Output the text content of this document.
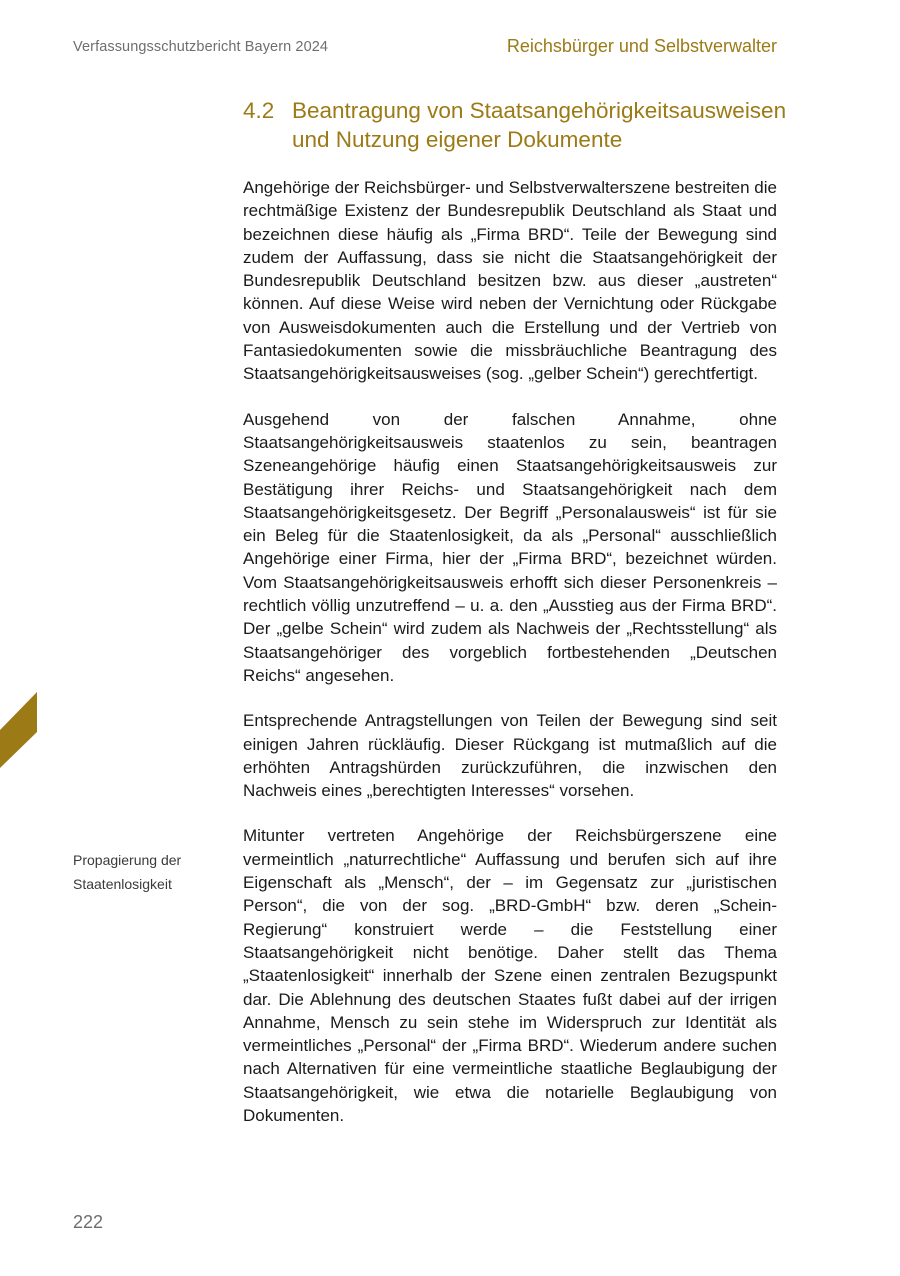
Verfassungsschutzbericht Bayern 2024	Reichsbürger und Selbstverwalter
4.2 Beantragung von Staatsangehörigkeitsausweisen und Nutzung eigener Dokumente

Angehörige der Reichsbürger- und Selbstverwalterszene bestreiten die rechtmäßige Existenz der Bundesrepublik Deutschland als Staat und bezeichnen diese häufig als „Firma BRD“. Teile der Bewegung sind zudem der Auffassung, dass sie nicht die Staatsangehörigkeit der Bundesrepublik Deutschland besitzen bzw. aus dieser „austreten“ können. Auf diese Weise wird neben der Vernichtung oder Rückgabe von Ausweisdokumenten auch die Erstellung und der Vertrieb von Fantasiedokumenten sowie die missbräuchliche Beantragung des Staatsangehörigkeitsausweises (sog. „gelber Schein“) gerechtfertigt.

Ausgehend von der falschen Annahme, ohne Staatsangehörigkeitsausweis staatenlos zu sein, beantragen Szeneangehörige häufig einen Staatsangehörigkeitsausweis zur Bestätigung ihrer Reichs- und Staatsangehörigkeit nach dem Staatsangehörigkeitsgesetz. Der Begriff „Personalausweis“ ist für sie ein Beleg für die Staatenlosigkeit, da als „Personal“ ausschließlich Angehörige einer Firma, hier der „Firma BRD“, bezeichnet würden. Vom Staatsangehörigkeitsausweis erhofft sich dieser Personenkreis – rechtlich völlig unzutreffend – u. a. den „Ausstieg aus der Firma BRD“. Der „gelbe Schein“ wird zudem als Nachweis der „Rechtsstellung“ als Staatsangehöriger des vorgeblich fortbestehenden „Deutschen Reichs“ angesehen.

Entsprechende Antragstellungen von Teilen der Bewegung sind seit einigen Jahren rückläufig. Dieser Rückgang ist mutmaßlich auf die erhöhten Antragshürden zurückzuführen, die inzwischen den Nachweis eines „berechtigten Interesses“ vorsehen.

Mitunter vertreten Angehörige der Reichsbürgerszene eine vermeintlich „naturrechtliche“ Auffassung und berufen sich auf ihre Eigenschaft als „Mensch“, der – im Gegensatz zur „juristischen Person“, die von der sog. „BRD-GmbH“ bzw. deren „Schein-Regierung“ konstruiert werde – die Feststellung einer Staatsangehörigkeit nicht benötige. Daher stellt das Thema „Staatenlosigkeit“ innerhalb der Szene einen zentralen Bezugspunkt dar. Die Ablehnung des deutschen Staates fußt dabei auf der irrigen Annahme, Mensch zu sein stehe im Widerspruch zur Identität als vermeintliches „Personal“ der „Firma BRD“. Wiederum andere suchen nach Alternativen für eine vermeintliche staatliche Beglaubigung der Staatsangehörigkeit, wie etwa die notarielle Beglaubigung von Dokumenten.

Propagierung der
Staatenlosigkeit
222
